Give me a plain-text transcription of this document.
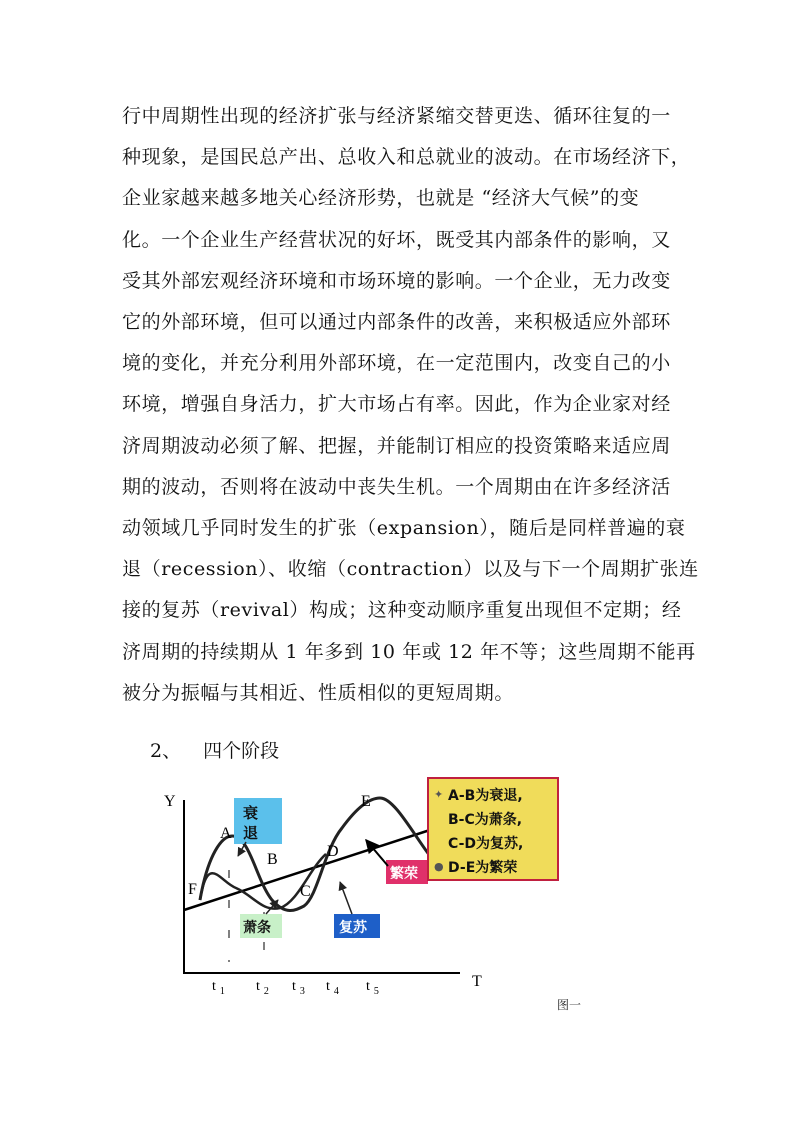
行中周期性出现的经济扩张与经济紧缩交替更迭、循环往复的一
种现象，是国民总产出、总收入和总就业的波动。在市场经济下，
企业家越来越多地关心经济形势，也就是 “经济大气候”的变
化。一个企业生产经营状况的好坏，既受其内部条件的影响，又
受其外部宏观经济环境和市场环境的影响。一个企业，无力改变
它的外部环境，但可以通过内部条件的改善，来积极适应外部环
境的变化，并充分利用外部环境，在一定范围内，改变自己的小
环境，增强自身活力，扩大市场占有率。因此，作为企业家对经
济周期波动必须了解、把握，并能制订相应的投资策略来适应周
期的波动，否则将在波动中丧失生机。一个周期由在许多经济活
动领域几乎同时发生的扩张（expansion），随后是同样普遍的衰
退（recession）、收缩（contraction）以及与下一个周期扩张连
接的复苏（revival）构成；这种变动顺序重复出现但不定期；经
济周期的持续期从 1 年多到 10 年或 12 年不等；这些周期不能再
被分为振幅与其相近、性质相似的更短周期。

2、 四个阶段

Y
T
A
B
C
D
E
F
t $_1$ t $_2$ t $_3$ t $_4$ t $_5$
衰
退
萧条	复苏
繁荣
✦ A-B为衰退,
B-C为萧条,
C-D为复苏,
● D-E为繁荣
图一
